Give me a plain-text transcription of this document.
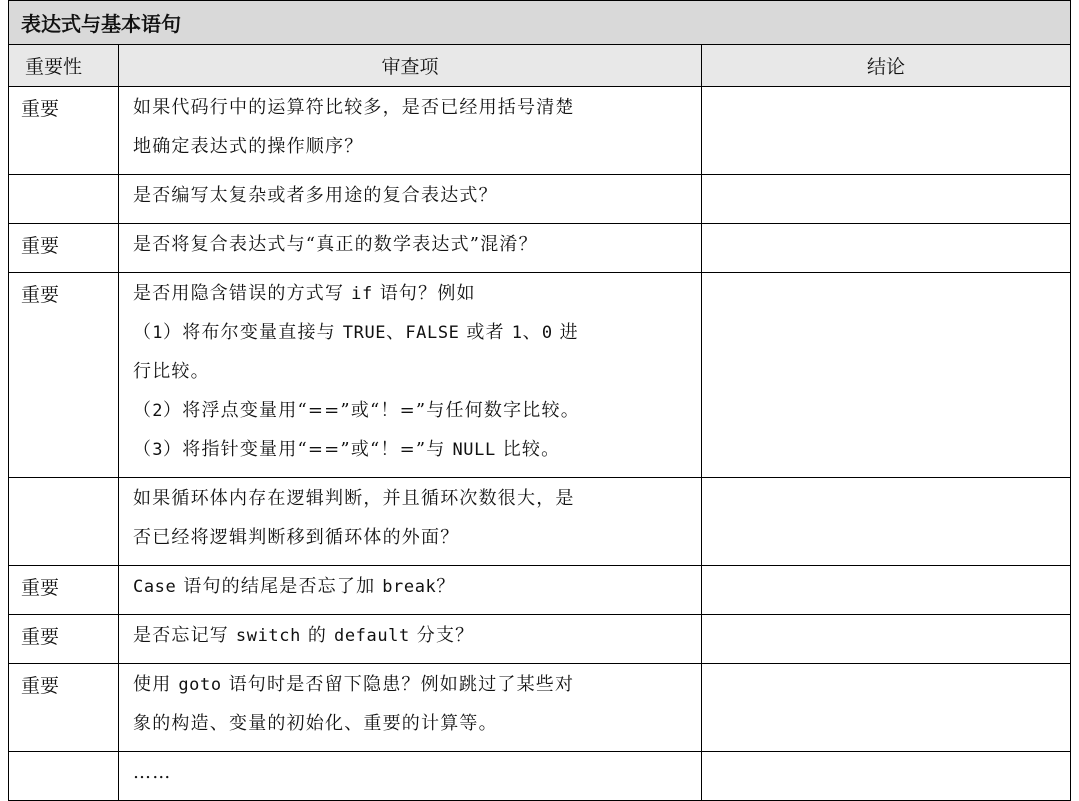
表达式与基本语句		
重要性	审查项	结论
重要	如果代码行中的运算符比较多，是否已经用括号清楚
地确定表达式的操作顺序？	

	是否编写太复杂或者多用途的复合表达式？	

重要	是否将复合表达式与“真正的数学表达式”混淆？	

重要	是否用隐含错误的方式写 if 语句？例如
（1）将布尔变量直接与 TRUE、FALSE 或者 1、0 进
行比较。
（2）将浮点变量用“==”或“！=”与任何数字比较。
（3）将指针变量用“==”或“！=”与 NULL 比较。	

	如果循环体内存在逻辑判断，并且循环次数很大，是
否已经将逻辑判断移到循环体的外面？	

重要	Case 语句的结尾是否忘了加 break？	

重要	是否忘记写 switch 的 default 分支？	

重要	使用 goto 语句时是否留下隐患？例如跳过了某些对
象的构造、变量的初始化、重要的计算等。	

	……	
